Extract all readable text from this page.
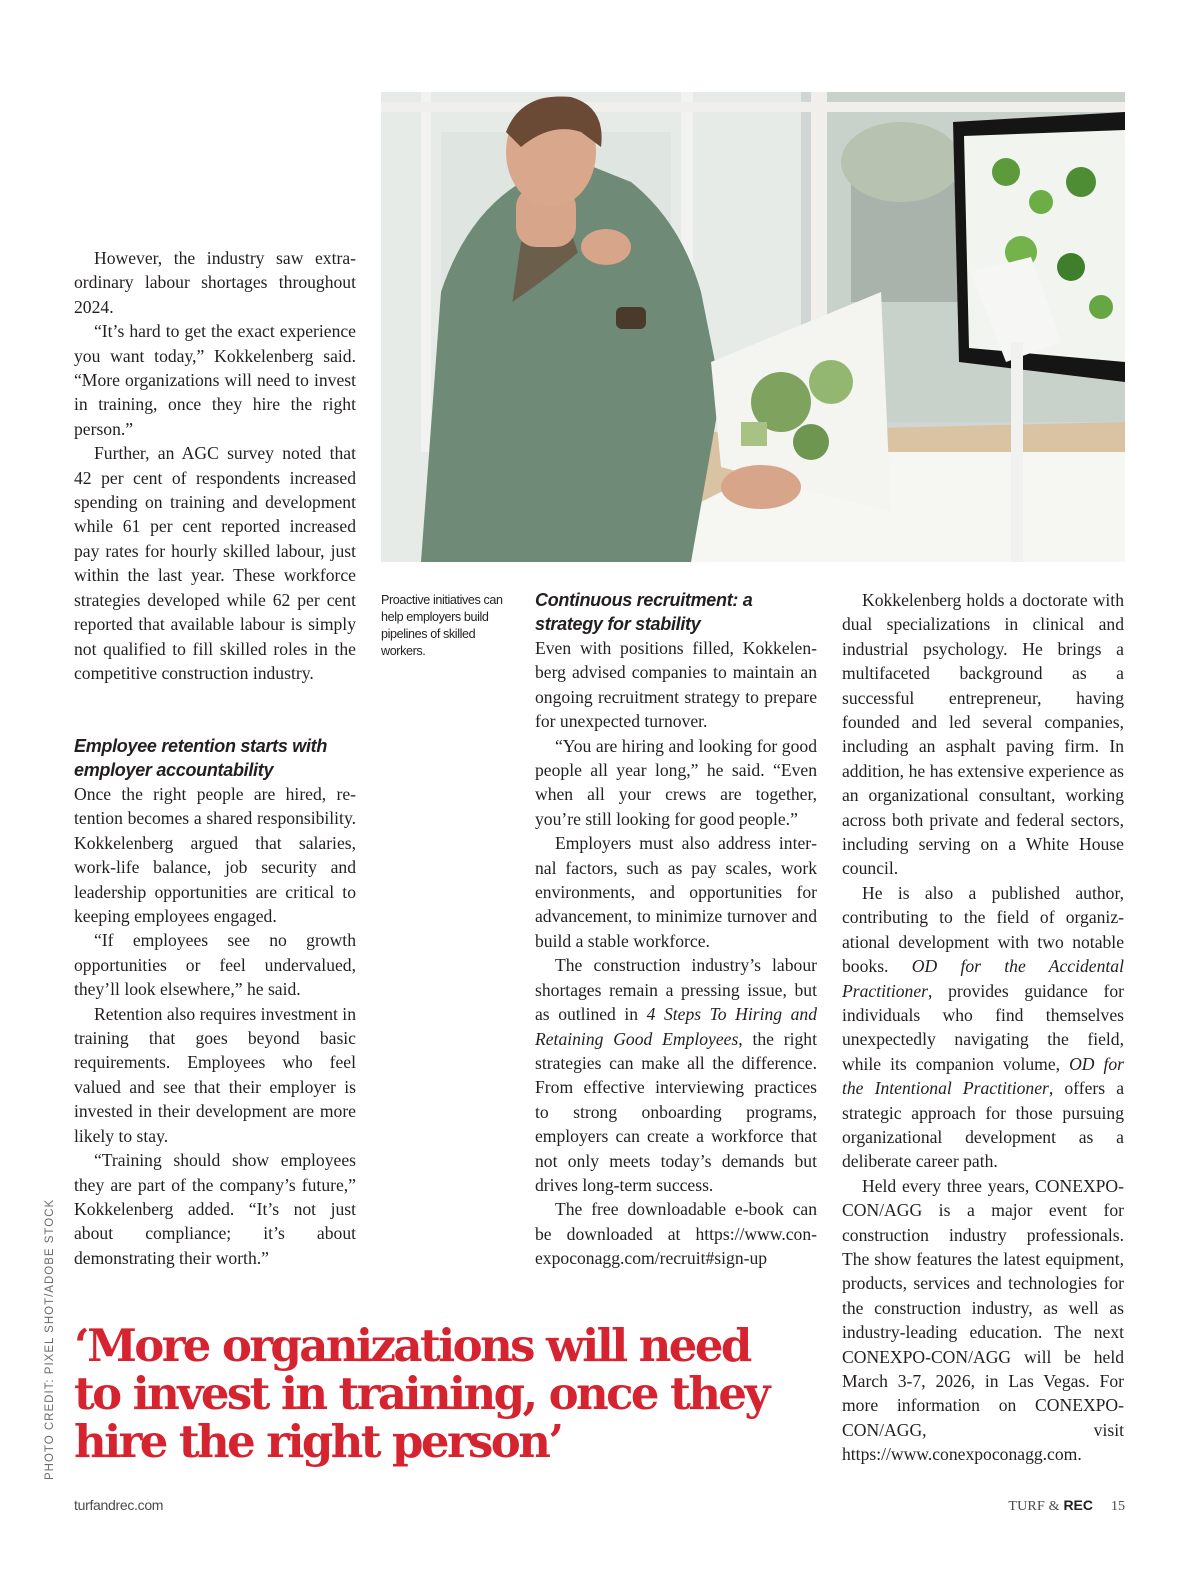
PHOTO CREDIT: PIXEL SHOT/ADOBE STOCK
Proactive initiatives can help employers build pipelines of skilled workers.

However, the industry saw extraordinary labour shortages throughout 2024.

“It’s hard to get the exact experience you want today,” Kokkelenberg said. “More organizations will need to invest in training, once they hire the right person.”

Further, an AGC survey noted that 42 per cent of respondents increased spending on training and development while 61 per cent reported increased pay rates for hourly skilled labour, just within the last year. These workforce strategies developed while 62 per cent reported that available labour is simply not qualified to fill skilled roles in the competitive construction industry.

Employee retention starts with employer accountability

Once the right people are hired, retention becomes a shared responsibility. Kokkelenberg argued that salaries, work-life balance, job security and leadership opportunities are critical to keeping employees engaged.

“If employees see no growth opportunities or feel undervalued, they’ll look elsewhere,” he said.

Retention also requires investment in training that goes beyond basic requirements. Employees who feel valued and see that their employer is invested in their development are more likely to stay.

“Training should show employees they are part of the company’s future,” Kokkelenberg added. “It’s not just about compliance; it’s about demonstrating their worth.”

Continuous recruitment: a strategy for stability

Even with positions filled, Kokkelenberg advised companies to maintain an ongoing recruitment strategy to prepare for unexpected turnover.

“You are hiring and looking for good people all year long,” he said. “Even when all your crews are together, you’re still looking for good people.”

Employers must also address internal factors, such as pay scales, work environments, and opportunities for advancement, to minimize turnover and build a stable workforce.

The construction industry’s labour shortages remain a pressing issue, but as outlined in 4 Steps To Hiring and Retaining Good Employees, the right strategies can make all the difference. From effective interviewing practices to strong onboarding programs, employers can create a workforce that not only meets today’s demands but drives long-term success.

The free downloadable e-book can be downloaded at https://www.conexpoconagg.com/recruit#sign-up

Kokkelenberg holds a doctorate with dual specializations in clinical and industrial psychology. He brings a multifaceted background as a successful entrepreneur, having founded and led several companies, including an asphalt paving firm. In addition, he has extensive experience as an organizational consultant, working across both private and federal sectors, including serving on a White House council.

He is also a published author, contributing to the field of organizational development with two notable books. OD for the Accidental Practitioner, provides guidance for individuals who find themselves unexpectedly navigating the field, while its companion volume, OD for the Intentional Practitioner, offers a strategic approach for those pursuing organizational development as a deliberate career path.

Held every three years, CONEXPO-CON/AGG is a major event for construction industry professionals. The show features the latest equipment, products, services and technologies for the construction industry, as well as industry-leading education. The next CONEXPO-CON/AGG will be held March 3-7, 2026, in Las Vegas. For more information on CONEXPO-CON/AGG, visit https://www.conexpoconagg.com.

‘More organizations will need to invest in training, once they hire the right person’
turfandrec.com	TURF & REC 15
